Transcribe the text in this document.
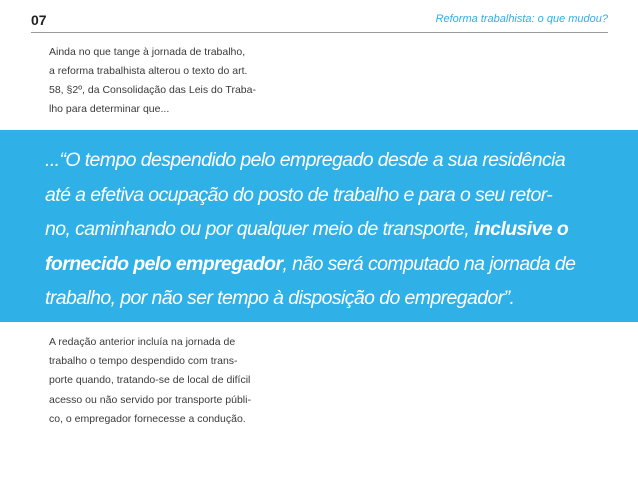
07	Reforma trabalhista: o que mudou?
Ainda no que tange à jornada de trabalho,
a reforma trabalhista alterou o texto do art.
58, §2º, da Consolidação das Leis do Traba-
lho para determinar que...
...“O tempo despendido pelo empregado desde a sua residência
até a efetiva ocupação do posto de trabalho e para o seu retor-
no, caminhando ou por qualquer meio de transporte, inclusive o
fornecido pelo empregador, não será computado na jornada de
trabalho, por não ser tempo à disposição do empregador”.
A redação anterior incluía na jornada de
trabalho o tempo despendido com trans-
porte quando, tratando-se de local de difícil
acesso ou não servido por transporte públi-
co, o empregador fornecesse a condução.
